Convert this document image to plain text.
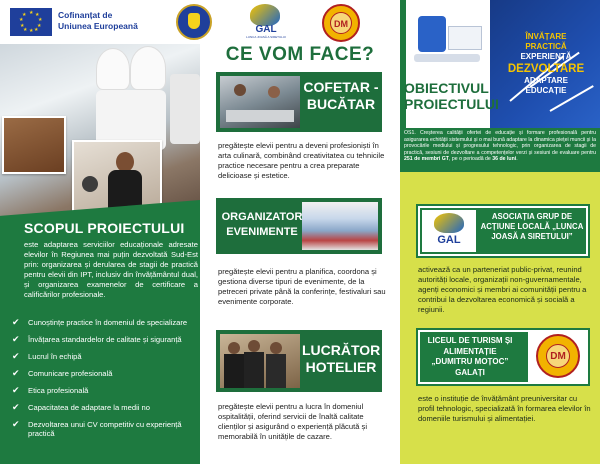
★ ★
★
★
★
★
★
★
★
★	Cofinanțat de
Uniunea Europeană
SCOPUL PROIECTULUI
este adaptarea serviciilor educaționale adresate elevilor în Regiunea mai puțin dezvoltată Sud-Est prin: organizarea și derularea de stagii de practică pentru elevii din IPT, inclusiv din învățământul dual, și organizarea examenelor de certificare a calificărilor profesionale.
✔	Cunoștințe practice în domeniul de specializare
✔	Învățarea standardelor de calitate și siguranță
✔	Lucrul în echipă
✔	Comunicare profesională
✔	Etica profesională
✔	Capacitatea de adaptare la medii no
✔	Dezvoltarea unui CV competitiv cu experiență practică
GAL
LUNCA JOASĂ A SIRETULUI
DM
CE VOM FACE?
COFETAR - BUCĂTAR
pregătește elevii pentru a deveni profesioniști în arta culinară, combinând creativitatea cu tehnicile practice necesare pentru a crea preparate delicioase și estetice.
ORGANIZATOR EVENIMENTE
pregătește elevii pentru a planifica, coordona și gestiona diverse tipuri de evenimente, de la petreceri private până la conferințe, festivaluri sau evenimente corporate.
LUCRĂTOR HOTELIER
pregătește elevii pentru a lucra în domeniul ospitalității, oferind servicii de înaltă calitate clienților și asigurând o experiență plăcută și memorabilă în unitățile de cazare.
ÎNVĂȚARE
PRACTICĂ
EXPERIENȚĂ
DEZVOLTARE
ADAPTARE
EDUCAȚIE
OBIECTIVUL
PROIECTULUI
OS1. Creșterea calității ofertei de educație și formare profesională pentru asigurarea echității sistemului și o mai bună adaptare la dinamica pieței muncii și la provocările mediului și progresului tehnologic, prin organizarea de stagii de practică, sesiuni de dezvoltare a competențelor verzi și sesiuni de evaluare pentru 251 de membri GT, pe o perioadă de 36 de luni.
GAL
ASOCIAȚIA GRUP DE ACȚIUNE LOCALĂ „LUNCA JOASĂ A SIRETULUI”
activează ca un parteneriat public-privat, reunind autorități locale, organizații non-guvernamentale, agenți economici și membri ai comunității pentru a contribui la dezvoltarea economică și socială a regiunii.
LICEUL DE TURISM ȘI ALIMENTAȚIE „DUMITRU MOȚOC” GALAȚI
DM
este o instituție de învățământ preuniversitar cu profil tehnologic, specializată în formarea elevilor în domeniile turismului și alimentației.
